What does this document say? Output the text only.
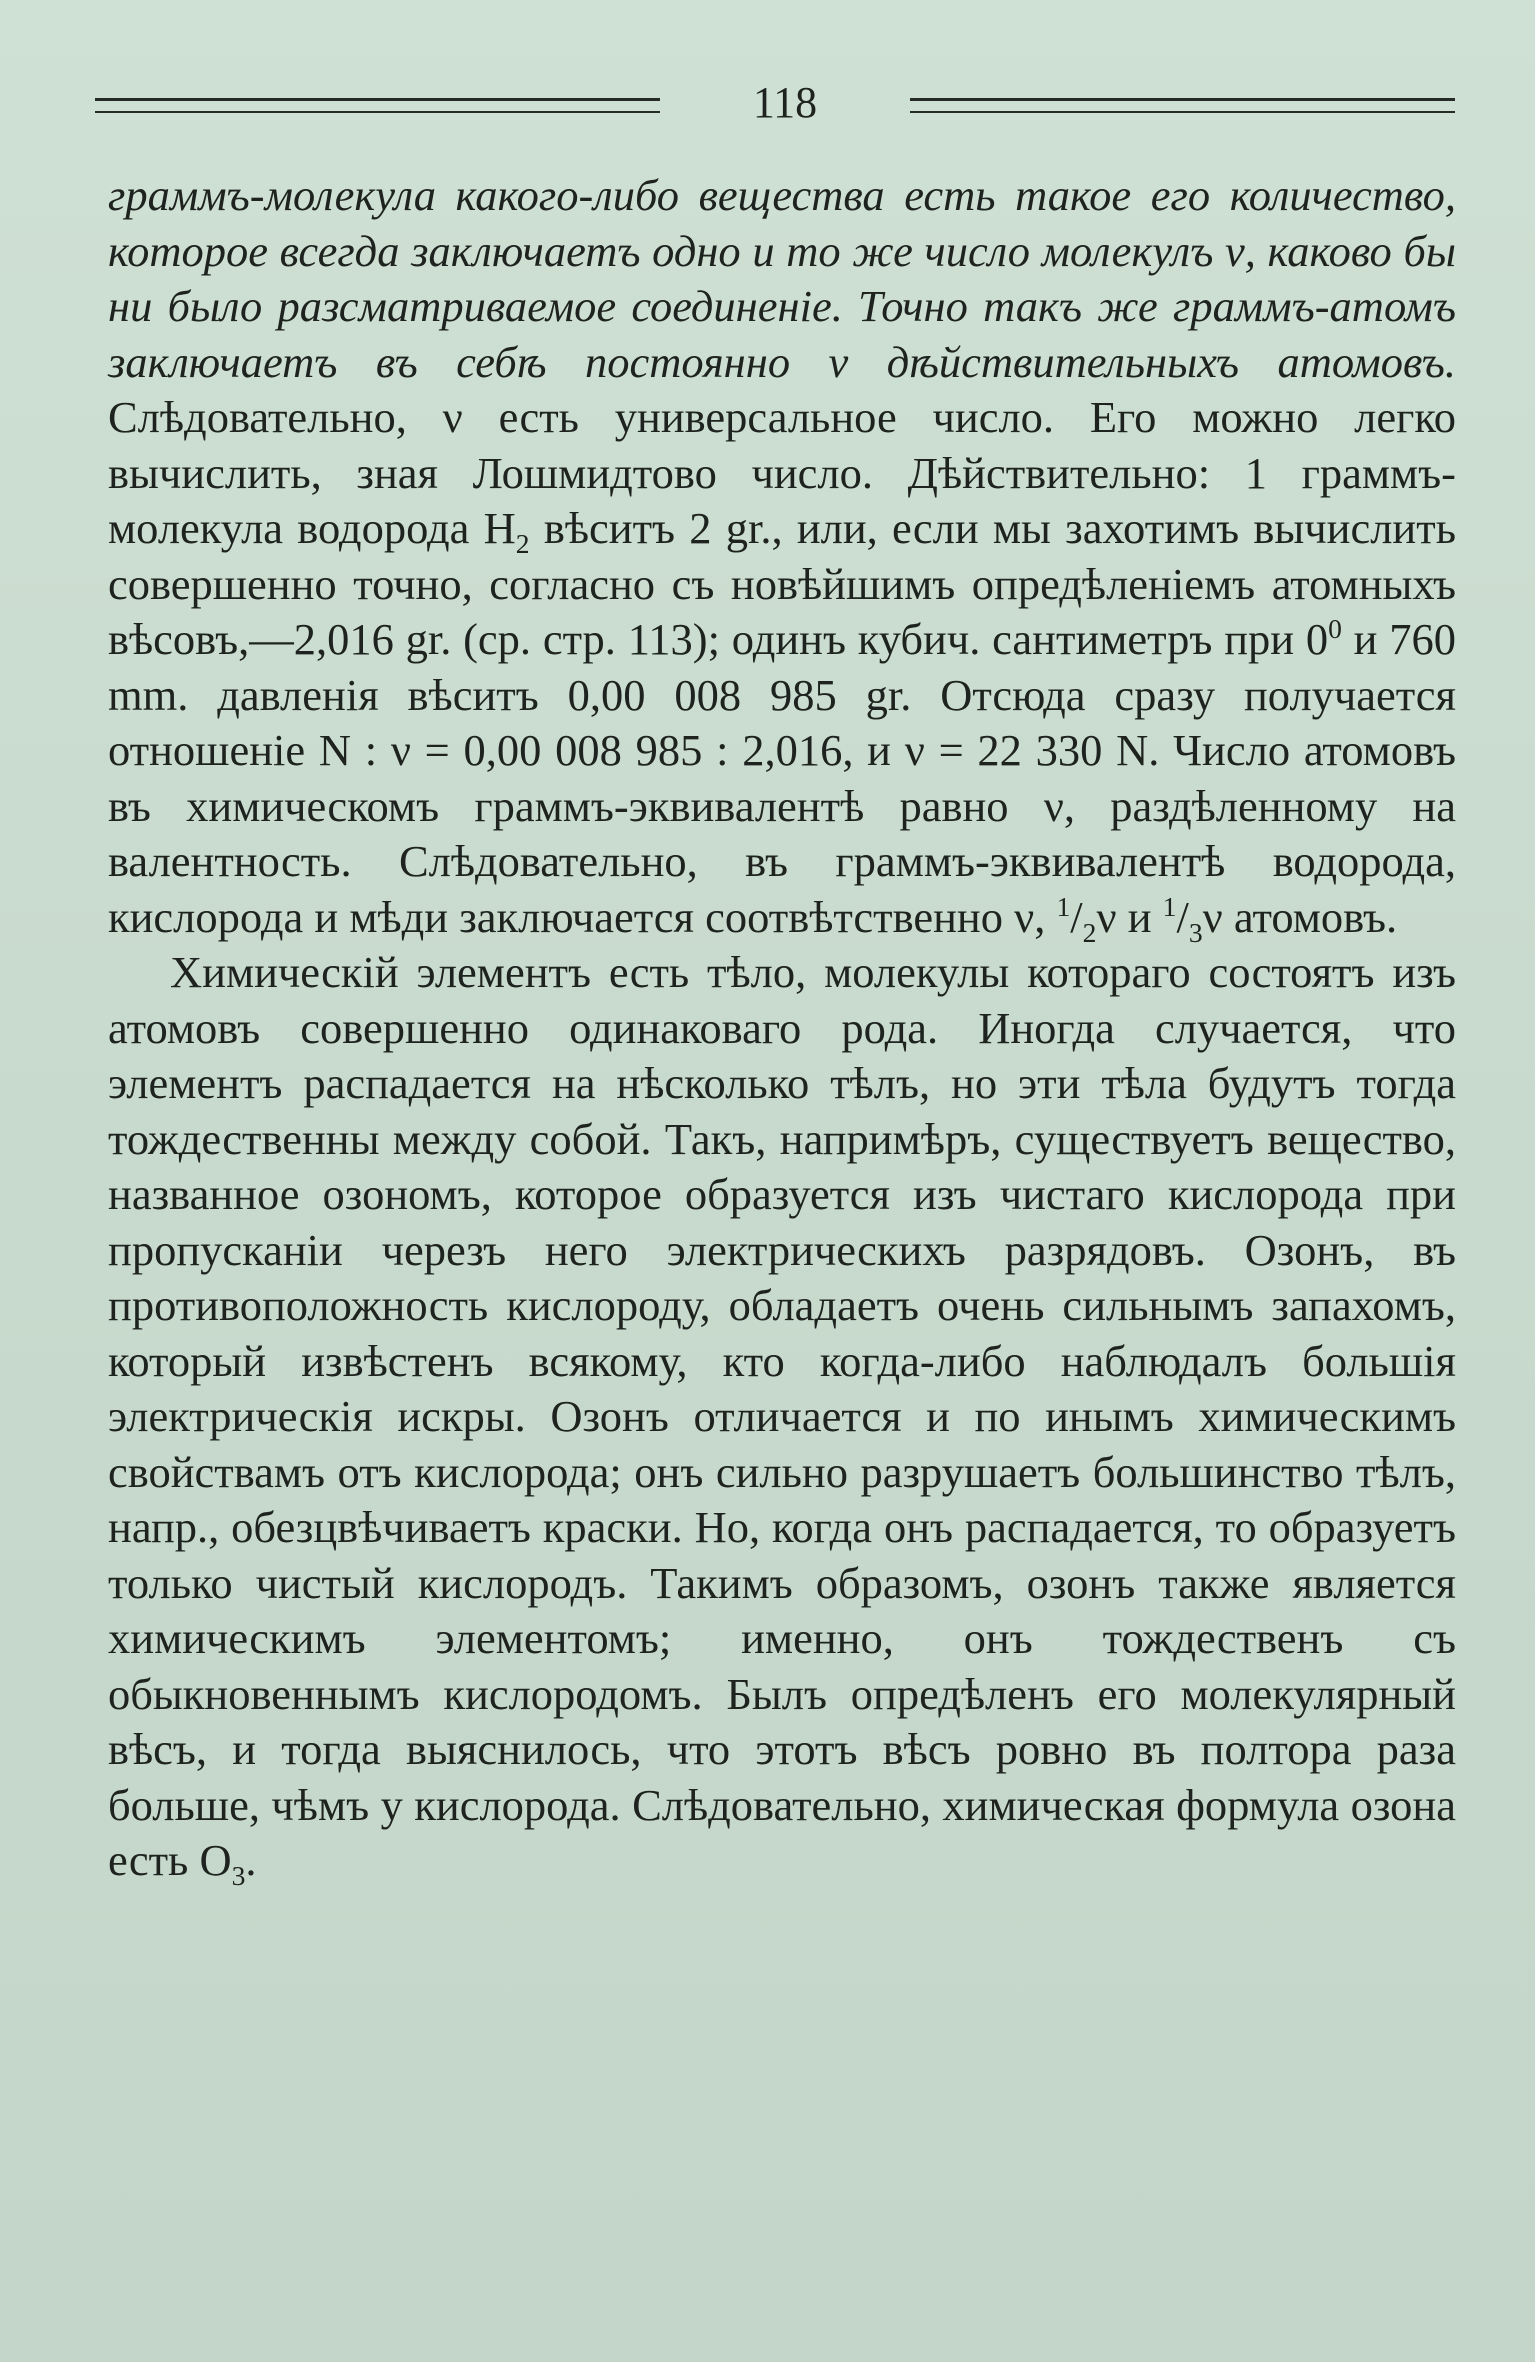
118

граммъ-молекула какого-либо вещества есть такое его количество, которое всегда заключаетъ одно и то же число молекулъ ν, каково бы ни было разсматриваемое соединеніе. Точно такъ же граммъ-атомъ заключаетъ въ себѣ постоянно ν дѣйствительныхъ атомовъ. Слѣдовательно, ν есть универсальное число. Его можно легко вычислить, зная Лошмидтово число. Дѣйствительно: 1 граммъ-молекула водорода $H_2$ вѣситъ 2 gr., или, если мы захотимъ вычислить совершенно точно, согласно съ новѣйшимъ опредѣленіемъ атомныхъ вѣсовъ,—2,016 gr. (ср. стр. 113); одинъ кубич. сантиметръ при $0^0$ и 760 mm. давленія вѣситъ 0,00 008 985 gr. Отсюда сразу получается отношеніе N : ν = 0,00 008 985 : 2,016, и ν = 22 330 N. Число атомовъ въ химическомъ граммъ-эквивалентѣ равно ν, раздѣленному на валентность. Слѣдовательно, въ граммъ-эквивалентѣ водорода, кислорода и мѣди заключается соотвѣтственно ν, $^1/_2\nu$ и $^1/_3\nu$ атомовъ.

Химическій элементъ есть тѣло, молекулы котораго состоятъ изъ атомовъ совершенно одинаковаго рода. Иногда случается, что элементъ распадается на нѣсколько тѣлъ, но эти тѣла будутъ тогда тождественны между собой. Такъ, напримѣръ, существуетъ вещество, названное озономъ, которое образуется изъ чистаго кислорода при пропусканіи черезъ него электрическихъ разрядовъ. Озонъ, въ противоположность кислороду, обладаетъ очень сильнымъ запахомъ, который извѣстенъ всякому, кто когда-либо наблюдалъ большія электрическія искры. Озонъ отличается и по инымъ химическимъ свойствамъ отъ кислорода; онъ сильно разрушаетъ большинство тѣлъ, напр., обезцвѣчиваетъ краски. Но, когда онъ распадается, то образуетъ только чистый кислородъ. Такимъ образомъ, озонъ также является химическимъ элементомъ; именно, онъ тождественъ съ обыкновеннымъ кислородомъ. Былъ опредѣленъ его молекулярный вѣсъ, и тогда выяснилось, что этотъ вѣсъ ровно въ полтора раза больше, чѣмъ у кислорода. Слѣдовательно, химическая формула озона есть $O_3$.
